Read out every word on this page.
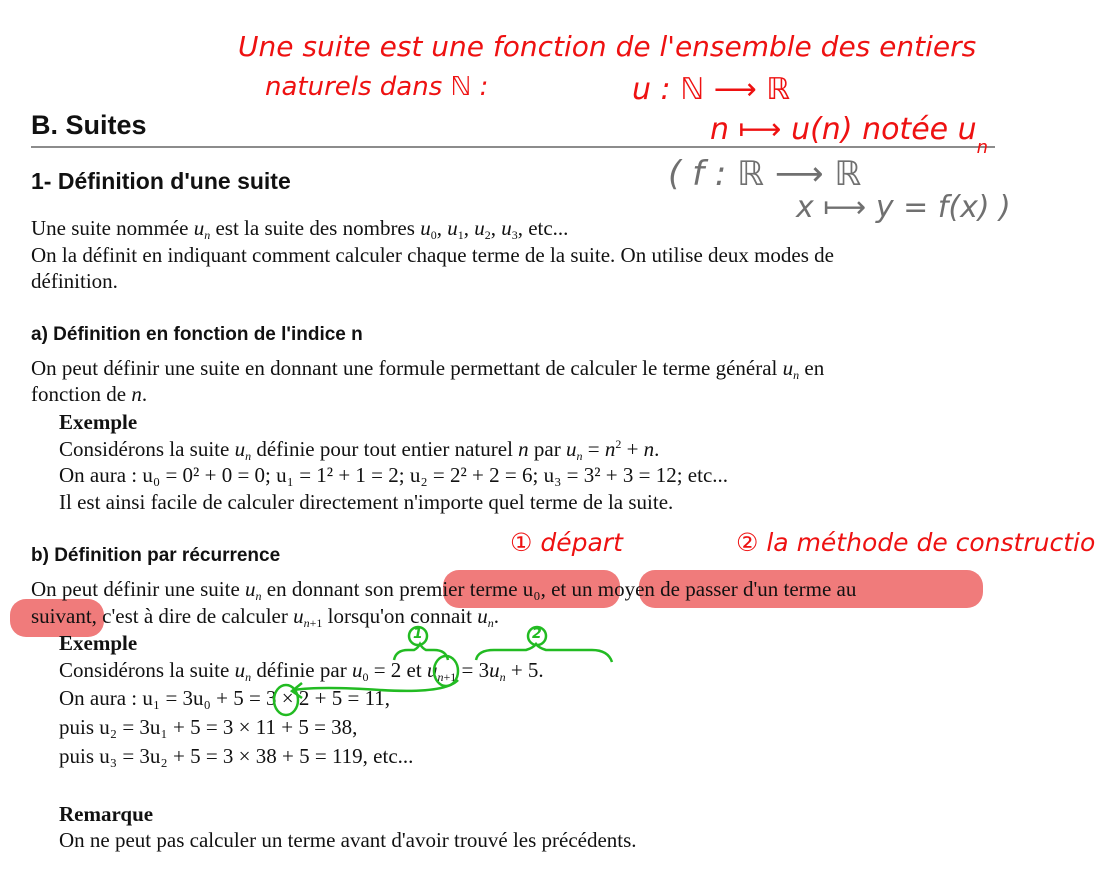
B. Suites
1- Définition d'une suite
Une suite nommée $u_n$ est la suite des nombres $u_0$, $u_1$, $u_2$, $u_3$, etc...
On la définit en indiquant comment calculer chaque terme de la suite. On utilise deux modes de
définition.
a) Définition en fonction de l'indice n
On peut définir une suite en donnant une formule permettant de calculer le terme général $u_n$ en
fonction de n.
Exemple
Considérons la suite $u_n$ définie pour tout entier naturel n par $u_n = n^2 + n$.
On aura : u₀ = 0² + 0 = 0; u₁ = 1² + 1 = 2; u₂ = 2² + 2 = 6; u₃ = 3² + 3 = 12; etc...
Il est ainsi facile de calculer directement n'importe quel terme de la suite.
b) Définition par récurrence
On peut définir une suite $u_n$ en donnant son premier terme u₀, et un moyen de passer d'un terme au
suivant, c'est à dire de calculer $u_{n+1}$ lorsqu'on connait $u_n$.
Exemple
Considérons la suite $u_n$ définie par $u_0 = 2$ et $u_{n+1} = 3u_n + 5$.
On aura : u₁ = 3u₀ + 5 = 3 × 2 + 5 = 11,
puis u₂ = 3u₁ + 5 = 3 × 11 + 5 = 38,
puis u₃ = 3u₂ + 5 = 3 × 38 + 5 = 119, etc...
Remarque
On ne peut pas calculer un terme avant d'avoir trouvé les précédents.
Une suite est une fonction de l'ensemble des entiers
naturels dans ℕ :	u : ℕ ⟶ ℝ
n ⟼ u(n) notée $u_n$
( f : ℝ ⟶ ℝ
x ⟼ y = f(x) )
① départ	② la méthode de constructio
1	2
